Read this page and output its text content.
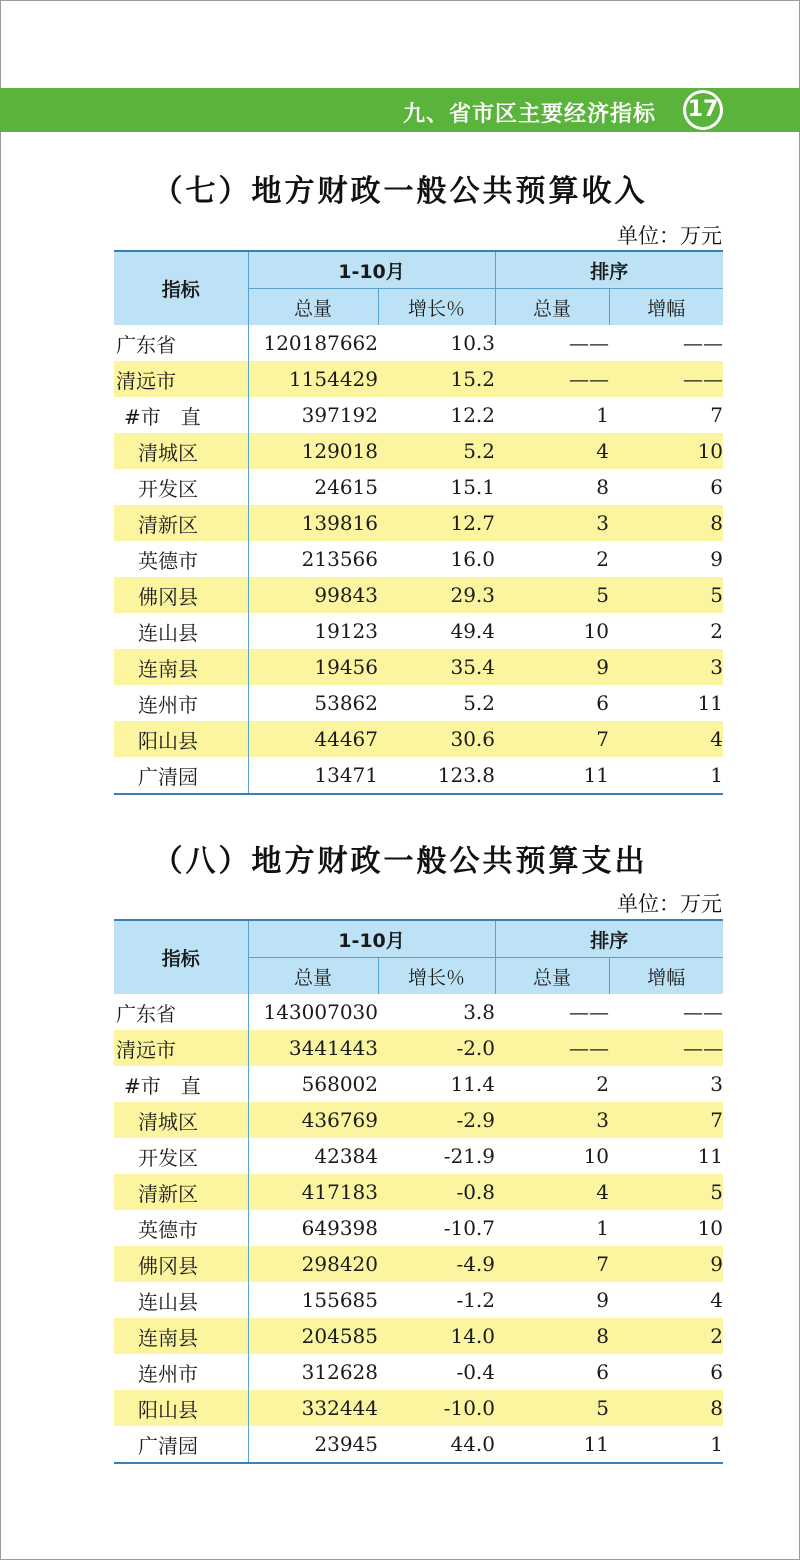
九、省市区主要经济指标 17
（七）地方财政一般公共预算收入
单位：万元
指标	1-10月		排序	
	总量	增长％	总量	增幅
广东省	120187662	10.3	——	——
清远市	1154429	15.2	——	——
#市　直	397192	12.2	1	7
清城区	129018	5.2	4	10
开发区	24615	15.1	8	6
清新区	139816	12.7	3	8
英德市	213566	16.0	2	9
佛冈县	99843	29.3	5	5
连山县	19123	49.4	10	2
连南县	19456	35.4	9	3
连州市	53862	5.2	6	11
阳山县	44467	30.6	7	4
广清园	13471	123.8	11	1
（八）地方财政一般公共预算支出
单位：万元
指标	1-10月		排序	
	总量	增长％	总量	增幅
广东省	143007030	3.8	——	——
清远市	3441443	-2.0	——	——
#市　直	568002	11.4	2	3
清城区	436769	-2.9	3	7
开发区	42384	-21.9	10	11
清新区	417183	-0.8	4	5
英德市	649398	-10.7	1	10
佛冈县	298420	-4.9	7	9
连山县	155685	-1.2	9	4
连南县	204585	14.0	8	2
连州市	312628	-0.4	6	6
阳山县	332444	-10.0	5	8
广清园	23945	44.0	11	1
